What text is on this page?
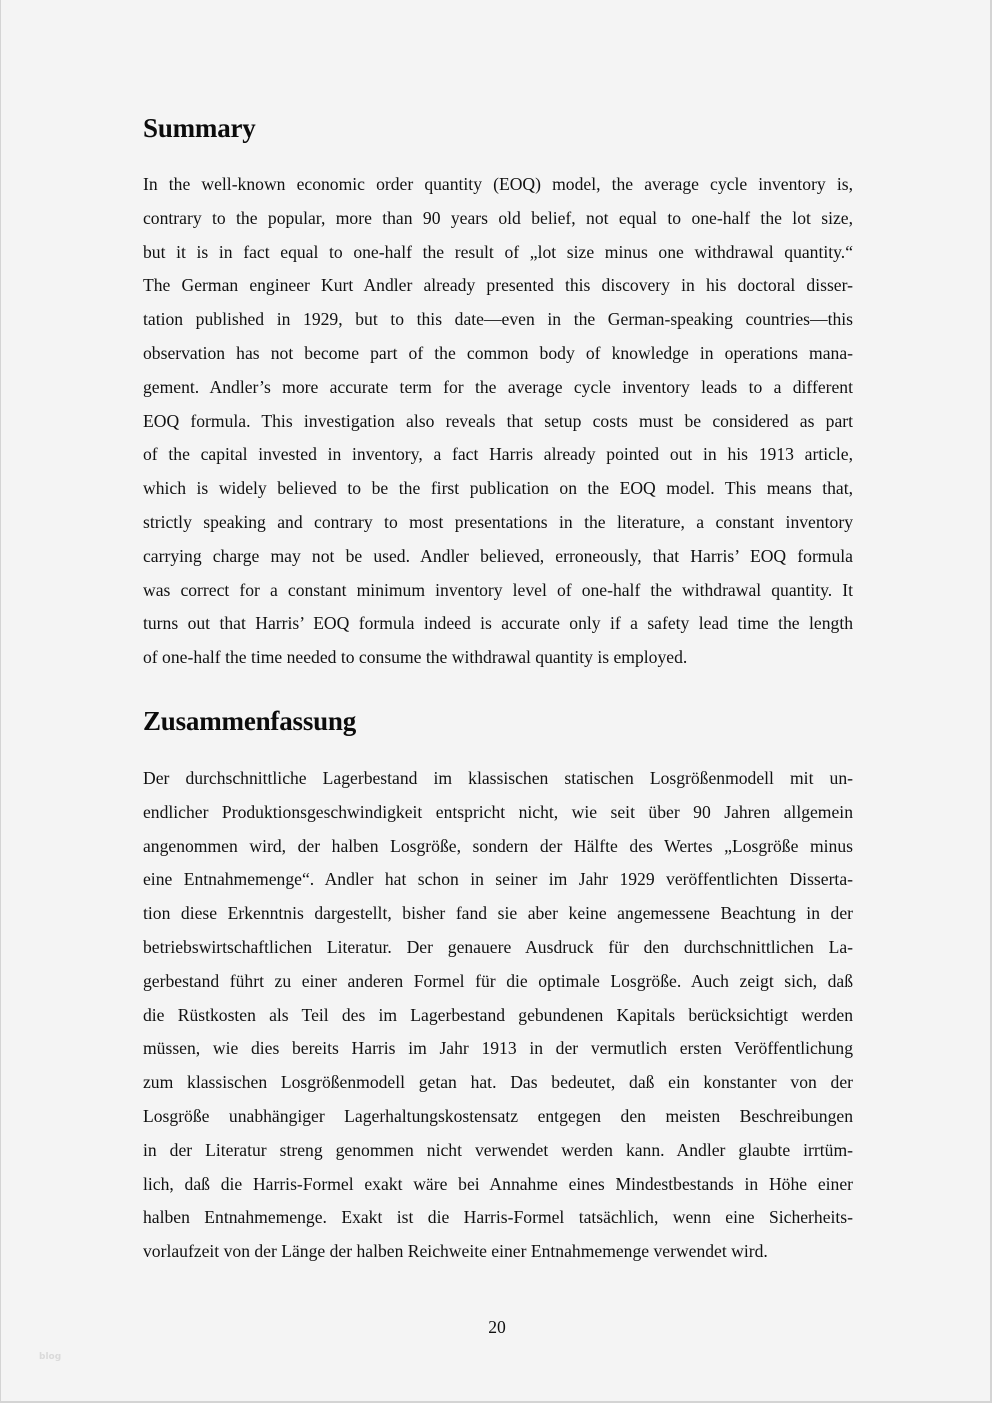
Summary
In the well-known economic order quantity (EOQ) model, the average cycle inventory is,
contrary to the popular, more than 90 years old belief, not equal to one-half the lot size,
but it is in fact equal to one-half the result of „lot size minus one withdrawal quantity.“
The German engineer Kurt Andler already presented this discovery in his doctoral disser-
tation published in 1929, but to this date—even in the German-speaking countries—this
observation has not become part of the common body of knowledge in operations mana-
gement. Andler’s more accurate term for the average cycle inventory leads to a different
EOQ formula. This investigation also reveals that setup costs must be considered as part
of the capital invested in inventory, a fact Harris already pointed out in his 1913 article,
which is widely believed to be the first publication on the EOQ model. This means that,
strictly speaking and contrary to most presentations in the literature, a constant inventory
carrying charge may not be used. Andler believed, erroneously, that Harris’ EOQ formula
was correct for a constant minimum inventory level of one-half the withdrawal quantity. It
turns out that Harris’ EOQ formula indeed is accurate only if a safety lead time the length
of one-half the time needed to consume the withdrawal quantity is employed.
Zusammenfassung
Der durchschnittliche Lagerbestand im klassischen statischen Losgrößenmodell mit un-
endlicher Produktionsgeschwindigkeit entspricht nicht, wie seit über 90 Jahren allgemein
angenommen wird, der halben Losgröße, sondern der Hälfte des Wertes „Losgröße minus
eine Entnahmemenge“. Andler hat schon in seiner im Jahr 1929 veröffentlichten Disserta-
tion diese Erkenntnis dargestellt, bisher fand sie aber keine angemessene Beachtung in der
betriebswirtschaftlichen Literatur. Der genauere Ausdruck für den durchschnittlichen La-
gerbestand führt zu einer anderen Formel für die optimale Losgröße. Auch zeigt sich, daß
die Rüstkosten als Teil des im Lagerbestand gebundenen Kapitals berücksichtigt werden
müssen, wie dies bereits Harris im Jahr 1913 in der vermutlich ersten Veröffentlichung
zum klassischen Losgrößenmodell getan hat. Das bedeutet, daß ein konstanter von der
Losgröße unabhängiger Lagerhaltungskostensatz entgegen den meisten Beschreibungen
in der Literatur streng genommen nicht verwendet werden kann. Andler glaubte irrtüm-
lich, daß die Harris-Formel exakt wäre bei Annahme eines Mindestbestands in Höhe einer
halben Entnahmemenge. Exakt ist die Harris-Formel tatsächlich, wenn eine Sicherheits-
vorlaufzeit von der Länge der halben Reichweite einer Entnahmemenge verwendet wird.
20
blog
